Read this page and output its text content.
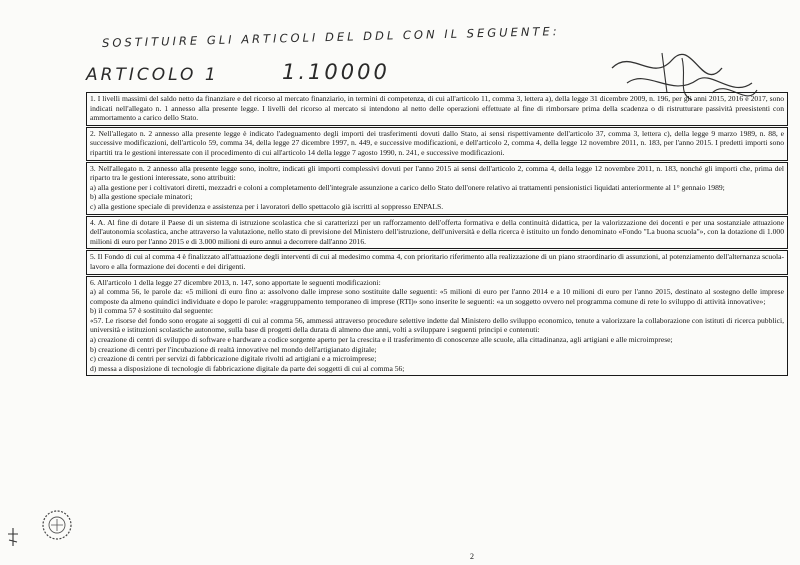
SOSTITUIRE GLI ARTICOLI DEL DDL CON IL SEGUENTE:
ARTICOLO 1	1.10000

1. I livelli massimi del saldo netto da finanziare e del ricorso al mercato finanziario, in termini di competenza, di cui all'articolo 11, comma 3, lettera a), della legge 31 dicembre 2009, n. 196, per gli anni 2015, 2016 e 2017, sono indicati nell'allegato n. 1 annesso alla presente legge. I livelli del ricorso al mercato si intendono al netto delle operazioni effettuate al fine di rimborsare prima della scadenza o di ristrutturare passività preesistenti con ammortamento a carico dello Stato.

2. Nell'allegato n. 2 annesso alla presente legge è indicato l'adeguamento degli importi dei trasferimenti dovuti dallo Stato, ai sensi rispettivamente dell'articolo 37, comma 3, lettera c), della legge 9 marzo 1989, n. 88, e successive modificazioni, dell'articolo 59, comma 34, della legge 27 dicembre 1997, n. 449, e successive modificazioni, e dell'articolo 2, comma 4, della legge 12 novembre 2011, n. 183, per l'anno 2015. I predetti importi sono ripartiti tra le gestioni interessate con il procedimento di cui all'articolo 14 della legge 7 agosto 1990, n. 241, e successive modificazioni.

3. Nell'allegato n. 2 annesso alla presente legge sono, inoltre, indicati gli importi complessivi dovuti per l'anno 2015 ai sensi dell'articolo 2, comma 4, della legge 12 novembre 2011, n. 183, nonché gli importi che, prima del riparto tra le gestioni interessate, sono attribuiti:

a) alla gestione per i coltivatori diretti, mezzadri e coloni a completamento dell'integrale assunzione a carico dello Stato dell'onere relativo ai trattamenti pensionistici liquidati anteriormente al 1° gennaio 1989;

b) alla gestione speciale minatori;

c) alla gestione speciale di previdenza e assistenza per i lavoratori dello spettacolo già iscritti al soppresso ENPALS.

4. A. Al fine di dotare il Paese di un sistema di istruzione scolastica che si caratterizzi per un rafforzamento dell'offerta formativa e della continuità didattica, per la valorizzazione dei docenti e per una sostanziale attuazione dell'autonomia scolastica, anche attraverso la valutazione, nello stato di previsione del Ministero dell'istruzione, dell'università e della ricerca è istituito un fondo denominato «Fondo "La buona scuola"», con la dotazione di 1.000 milioni di euro per l'anno 2015 e di 3.000 milioni di euro annui a decorrere dall'anno 2016.

5. Il Fondo di cui al comma 4 è finalizzato all'attuazione degli interventi di cui al medesimo comma 4, con prioritario riferimento alla realizzazione di un piano straordinario di assunzioni, al potenziamento dell'alternanza scuola-lavoro e alla formazione dei docenti e dei dirigenti.

6. All'articolo 1 della legge 27 dicembre 2013, n. 147, sono apportate le seguenti modificazioni:

a) al comma 56, le parole da: «5 milioni di euro fino a: assolvono dalle imprese sono sostituite dalle seguenti: «5 milioni di euro per l'anno 2014 e a 10 milioni di euro per l'anno 2015, destinato al sostegno delle imprese composte da almeno quindici individuate e dopo le parole: «raggruppamento temporaneo di imprese (RTI)» sono inserite le seguenti: «a un soggetto ovvero nel programma comune di rete lo sviluppo di attività innovative»;

b) il comma 57 è sostituito dal seguente:

«57. Le risorse del fondo sono erogate ai soggetti di cui al comma 56, ammessi attraverso procedure selettive indette dal Ministero dello sviluppo economico, tenute a valorizzare la collaborazione con istituti di ricerca pubblici, università e istituzioni scolastiche autonome, sulla base di progetti della durata di almeno due anni, volti a sviluppare i seguenti principi e contenuti:

a) creazione di centri di sviluppo di software e hardware a codice sorgente aperto per la crescita e il trasferimento di conoscenze alle scuole, alla cittadinanza, agli artigiani e alle microimprese;

b) creazione di centri per l'incubazione di realtà innovative nel mondo dell'artigianato digitale;

c) creazione di centri per servizi di fabbricazione digitale rivolti ad artigiani e a microimprese;

d) messa a disposizione di tecnologie di fabbricazione digitale da parte dei soggetti di cui al comma 56;

2
